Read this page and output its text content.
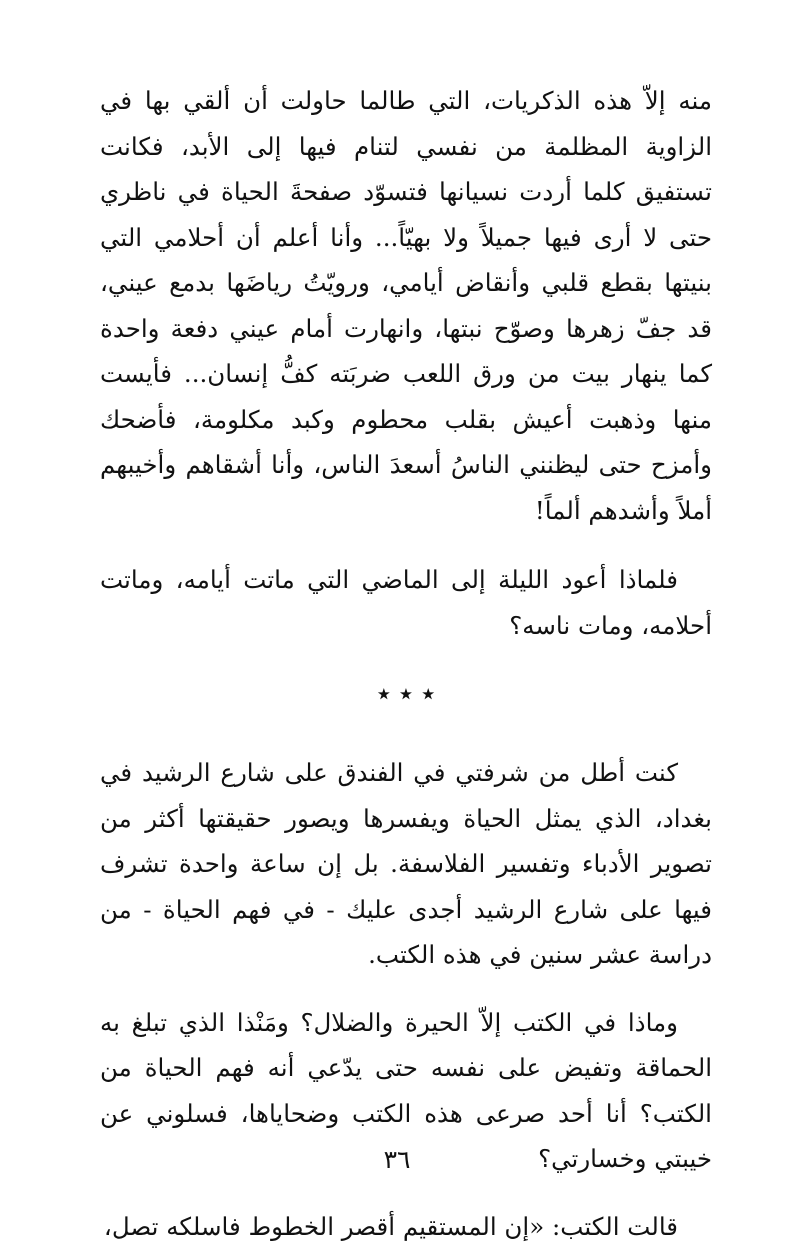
منه إلاّ هذه الذكريات، التي طالما حاولت أن ألقي بها في الزاوية المظلمة من نفسي لتنام فيها إلى الأبد، فكانت تستفيق كلما أردت نسيانها فتسوّد صفحةَ الحياة في ناظري حتى لا أرى فيها جميلاً ولا بهيّاً... وأنا أعلم أن أحلامي التي بنيتها بقطع قلبي وأنقاض أيامي، ورويّتُ رياضَها بدمع عيني، قد جفّ زهرها وصوّح نبتها، وانهارت أمام عيني دفعة واحدة كما ينهار بيت من ورق اللعب ضربَته كفُّ إنسان... فأيست منها وذهبت أعيش بقلب محطوم وكبد مكلومة، فأضحك وأمزح حتى ليظنني الناسُ أسعدَ الناس، وأنا أشقاهم وأخيبهم أملاً وأشدهم ألماً!

فلماذا أعود الليلة إلى الماضي التي ماتت أيامه، وماتت أحلامه، ومات ناسه؟

٭٭٭

كنت أطل من شرفتي في الفندق على شارع الرشيد في بغداد، الذي يمثل الحياة ويفسرها ويصور حقيقتها أكثر من تصوير الأدباء وتفسير الفلاسفة. بل إن ساعة واحدة تشرف فيها على شارع الرشيد أجدى عليك - في فهم الحياة - من دراسة عشر سنين في هذه الكتب.

وماذا في الكتب إلاّ الحيرة والضلال؟ ومَنْذا الذي تبلغ به الحماقة وتفيض على نفسه حتى يدّعي أنه فهم الحياة من الكتب؟ أنا أحد صرعى هذه الكتب وضحاياها، فسلوني عن خيبتي وخسارتي؟

قالت الكتب: «إن المستقيم أقصر الخطوط فاسلكه تصل،

٣٦
